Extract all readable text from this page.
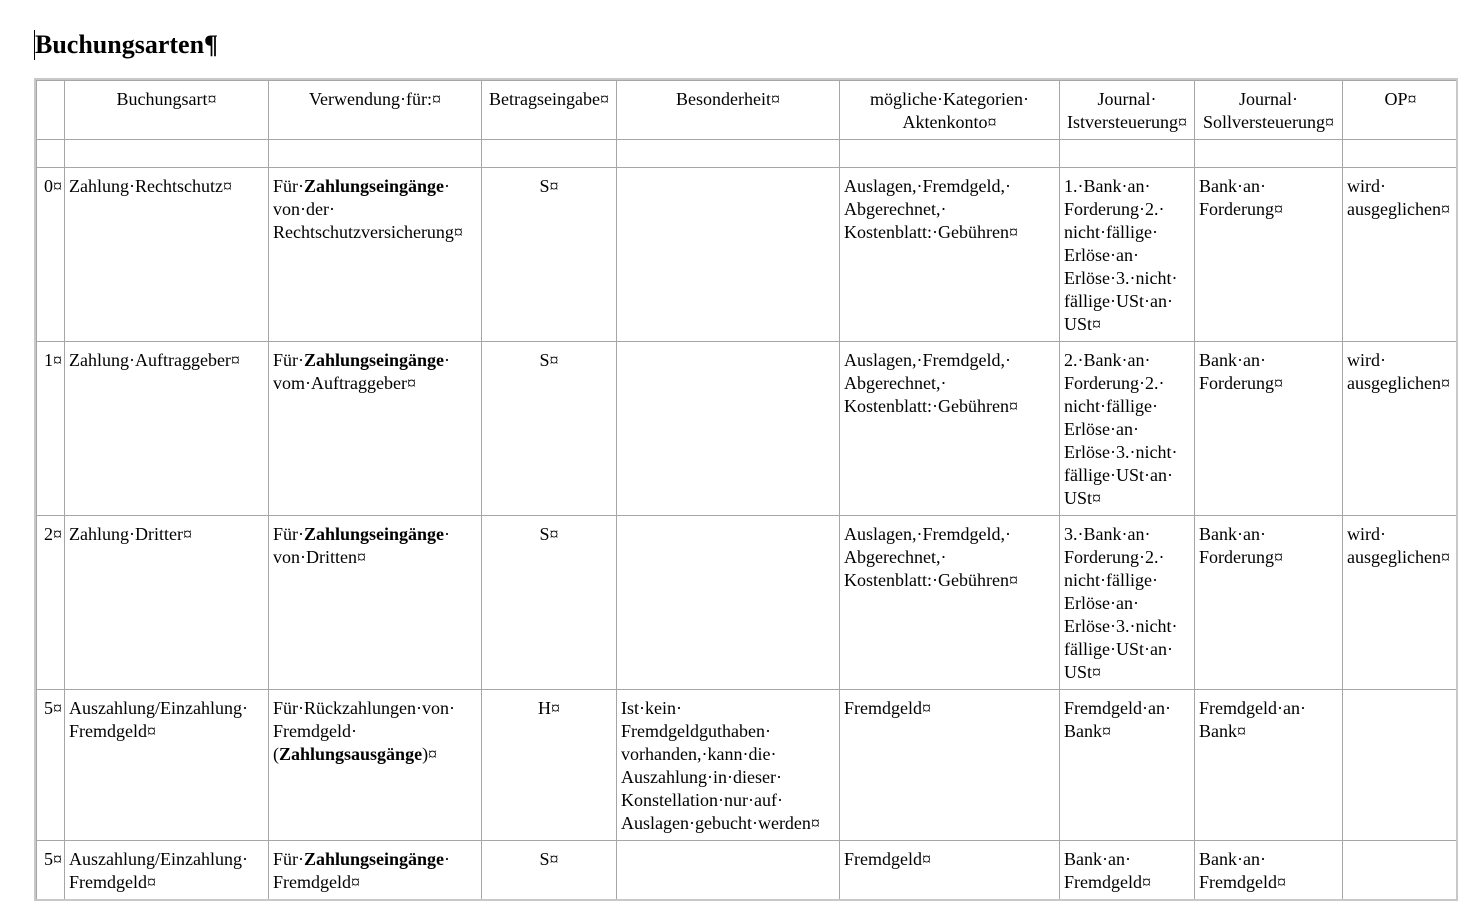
Buchungsarten¶
	Buchungsart¤	Verwendung·für:¤	Betragseingabe¤	Besonderheit¤	mögliche·Kategorien· Aktenkonto¤	Journal· Istversteuerung¤	Journal· Sollversteuerung¤	OP¤

0¤	Zahlung·Rechtschutz¤	Für·Zahlungseingänge· von·der· Rechtschutzversicherung¤	S¤		Auslagen,·Fremdgeld,· Abgerechnet,· Kostenblatt:·Gebühren¤	1.·Bank·an· Forderung·2.· nicht·fällige· Erlöse·an· Erlöse·3.·nicht· fällige·USt·an· USt¤	Bank·an· Forderung¤	wird· ausgeglichen¤
1¤	Zahlung·Auftraggeber¤	Für·Zahlungseingänge· vom·Auftraggeber¤	S¤		Auslagen,·Fremdgeld,· Abgerechnet,· Kostenblatt:·Gebühren¤	2.·Bank·an· Forderung·2.· nicht·fällige· Erlöse·an· Erlöse·3.·nicht· fällige·USt·an· USt¤	Bank·an· Forderung¤	wird· ausgeglichen¤
2¤	Zahlung·Dritter¤	Für·Zahlungseingänge· von·Dritten¤	S¤		Auslagen,·Fremdgeld,· Abgerechnet,· Kostenblatt:·Gebühren¤	3.·Bank·an· Forderung·2.· nicht·fällige· Erlöse·an· Erlöse·3.·nicht· fällige·USt·an· USt¤	Bank·an· Forderung¤	wird· ausgeglichen¤
5¤	Auszahlung/Einzahlung· Fremdgeld¤	Für·Rückzahlungen·von· Fremdgeld· (Zahlungsausgänge)¤	H¤	Ist·kein· Fremdgeldguthaben· vorhanden,·kann·die· Auszahlung·in·dieser· Konstellation·nur·auf· Auslagen·gebucht·werden¤	Fremdgeld¤	Fremdgeld·an· Bank¤	Fremdgeld·an· Bank¤	
5¤	Auszahlung/Einzahlung· Fremdgeld¤	Für·Zahlungseingänge· Fremdgeld¤	S¤		Fremdgeld¤	Bank·an· Fremdgeld¤	Bank·an· Fremdgeld¤	
